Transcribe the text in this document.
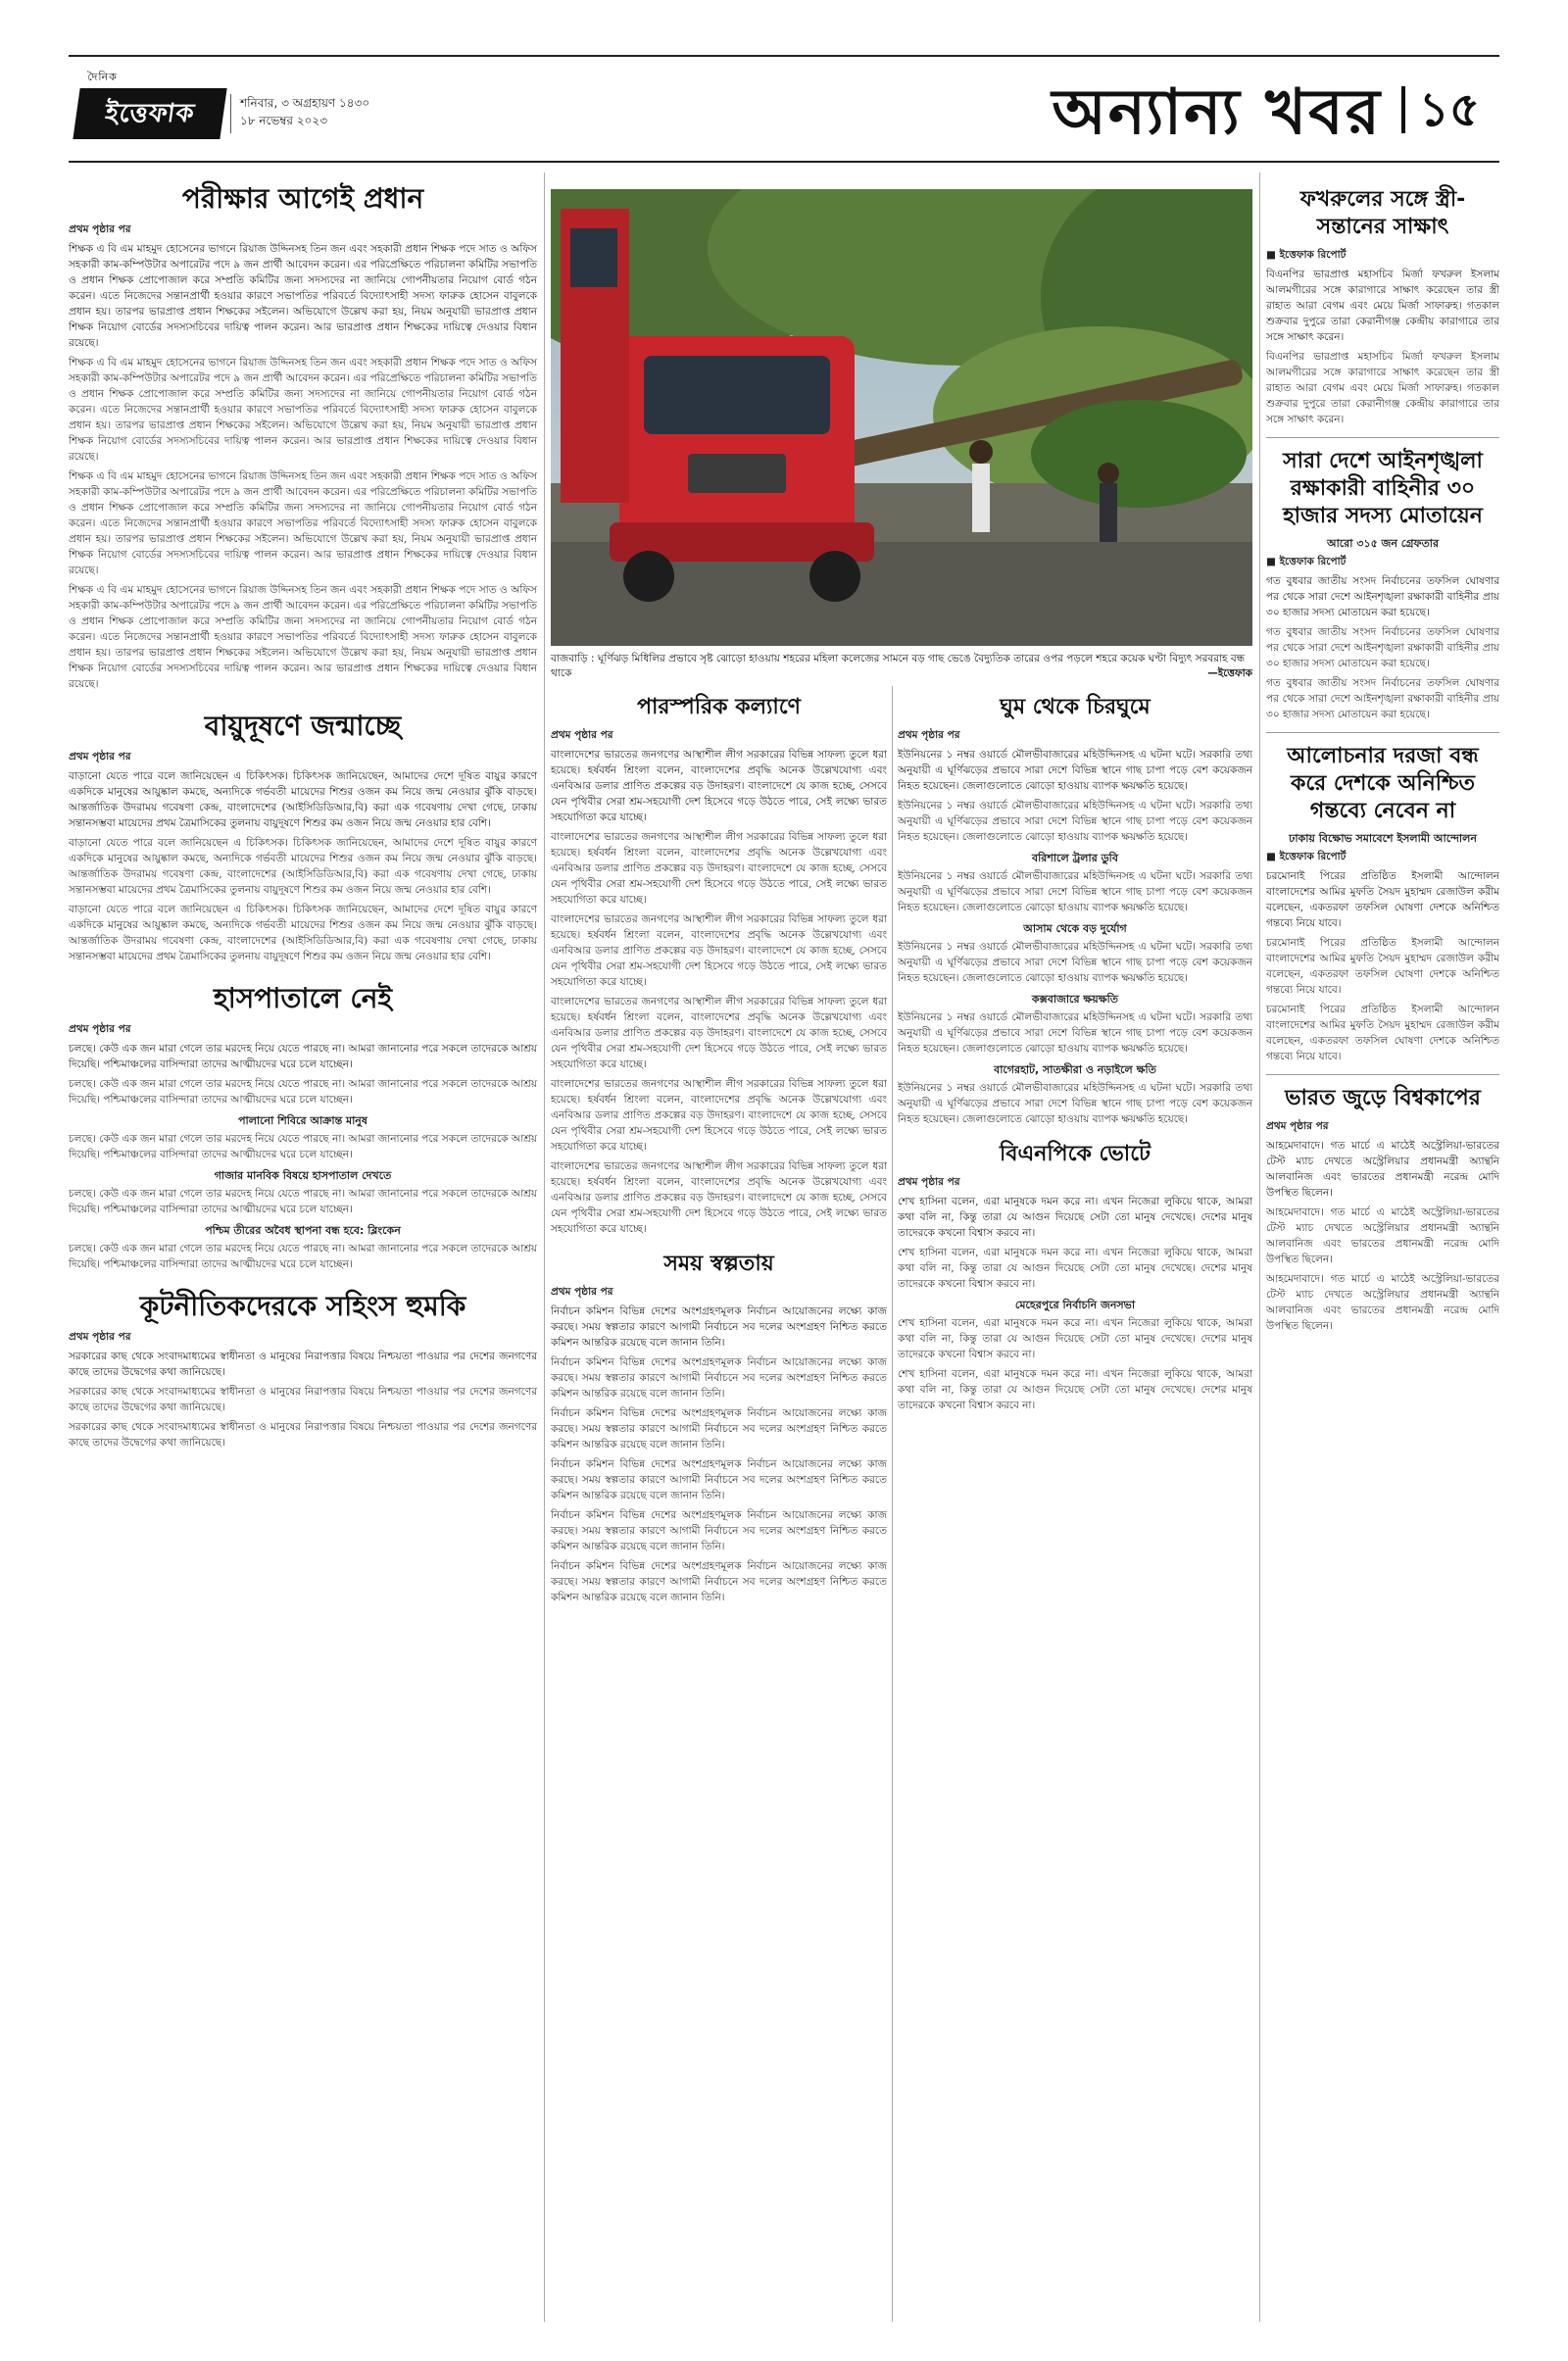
দৈনিক
ইত্তেফাক	শনিবার, ৩ অগ্রহায়ণ ১৪৩০
১৮ নভেম্বর ২০২৩	অন্যান্য খবর ১৫
পরীক্ষার আগেই প্রধান
প্রথম পৃষ্ঠার পর

শিক্ষক এ বি এম মাহমুদ হোসেনের ভাগনে রিয়াজ উদ্দিনসহ তিন জন এবং সহকারী প্রধান শিক্ষক পদে সাত ও অফিস সহকারী কাম-কম্পিউটার অপারেটর পদে ৯ জন প্রার্থী আবেদন করেন। এর পরিপ্রেক্ষিতে পরিচালনা কমিটির সভাপতি ও প্রধান শিক্ষক প্রোপোজাল করে সম্প্রতি কমিটির জন্য সদস্যদের না জানিয়ে গোপনীয়তার নিয়োগ বোর্ড গঠন করেন। এতে নিজেদের সন্তানপ্রার্থী হওয়ার কারণে সভাপতির পরিবর্তে বিদ্যোৎসাহী সদস্য ফারুক হোসেন বাবুলকে প্রধান হয়। তারপর ভারপ্রাপ্ত প্রধান শিক্ষকের সইলেন। অভিযোগে উল্লেখ করা হয়, নিয়ম অনুযায়ী ভারপ্রাপ্ত প্রধান শিক্ষক নিয়োগ বোর্ডের সদস্যসচিবের দায়িত্ব পালন করেন। আর ভারপ্রাপ্ত প্রধান শিক্ষকের দায়িত্বে দেওয়ার বিধান রয়েছে।

শিক্ষক এ বি এম মাহমুদ হোসেনের ভাগনে রিয়াজ উদ্দিনসহ তিন জন এবং সহকারী প্রধান শিক্ষক পদে সাত ও অফিস সহকারী কাম-কম্পিউটার অপারেটর পদে ৯ জন প্রার্থী আবেদন করেন। এর পরিপ্রেক্ষিতে পরিচালনা কমিটির সভাপতি ও প্রধান শিক্ষক প্রোপোজাল করে সম্প্রতি কমিটির জন্য সদস্যদের না জানিয়ে গোপনীয়তার নিয়োগ বোর্ড গঠন করেন। এতে নিজেদের সন্তানপ্রার্থী হওয়ার কারণে সভাপতির পরিবর্তে বিদ্যোৎসাহী সদস্য ফারুক হোসেন বাবুলকে প্রধান হয়। তারপর ভারপ্রাপ্ত প্রধান শিক্ষকের সইলেন। অভিযোগে উল্লেখ করা হয়, নিয়ম অনুযায়ী ভারপ্রাপ্ত প্রধান শিক্ষক নিয়োগ বোর্ডের সদস্যসচিবের দায়িত্ব পালন করেন। আর ভারপ্রাপ্ত প্রধান শিক্ষকের দায়িত্বে দেওয়ার বিধান রয়েছে।

শিক্ষক এ বি এম মাহমুদ হোসেনের ভাগনে রিয়াজ উদ্দিনসহ তিন জন এবং সহকারী প্রধান শিক্ষক পদে সাত ও অফিস সহকারী কাম-কম্পিউটার অপারেটর পদে ৯ জন প্রার্থী আবেদন করেন। এর পরিপ্রেক্ষিতে পরিচালনা কমিটির সভাপতি ও প্রধান শিক্ষক প্রোপোজাল করে সম্প্রতি কমিটির জন্য সদস্যদের না জানিয়ে গোপনীয়তার নিয়োগ বোর্ড গঠন করেন। এতে নিজেদের সন্তানপ্রার্থী হওয়ার কারণে সভাপতির পরিবর্তে বিদ্যোৎসাহী সদস্য ফারুক হোসেন বাবুলকে প্রধান হয়। তারপর ভারপ্রাপ্ত প্রধান শিক্ষকের সইলেন। অভিযোগে উল্লেখ করা হয়, নিয়ম অনুযায়ী ভারপ্রাপ্ত প্রধান শিক্ষক নিয়োগ বোর্ডের সদস্যসচিবের দায়িত্ব পালন করেন। আর ভারপ্রাপ্ত প্রধান শিক্ষকের দায়িত্বে দেওয়ার বিধান রয়েছে।

শিক্ষক এ বি এম মাহমুদ হোসেনের ভাগনে রিয়াজ উদ্দিনসহ তিন জন এবং সহকারী প্রধান শিক্ষক পদে সাত ও অফিস সহকারী কাম-কম্পিউটার অপারেটর পদে ৯ জন প্রার্থী আবেদন করেন। এর পরিপ্রেক্ষিতে পরিচালনা কমিটির সভাপতি ও প্রধান শিক্ষক প্রোপোজাল করে সম্প্রতি কমিটির জন্য সদস্যদের না জানিয়ে গোপনীয়তার নিয়োগ বোর্ড গঠন করেন। এতে নিজেদের সন্তানপ্রার্থী হওয়ার কারণে সভাপতির পরিবর্তে বিদ্যোৎসাহী সদস্য ফারুক হোসেন বাবুলকে প্রধান হয়। তারপর ভারপ্রাপ্ত প্রধান শিক্ষকের সইলেন। অভিযোগে উল্লেখ করা হয়, নিয়ম অনুযায়ী ভারপ্রাপ্ত প্রধান শিক্ষক নিয়োগ বোর্ডের সদস্যসচিবের দায়িত্ব পালন করেন। আর ভারপ্রাপ্ত প্রধান শিক্ষকের দায়িত্বে দেওয়ার বিধান রয়েছে।

বায়ুদূষণে জন্মাচ্ছে
প্রথম পৃষ্ঠার পর

বাড়ানো যেতে পারে বলে জানিয়েছেন এ চিকিৎসক। চিকিৎসক জানিয়েছেন, আমাদের দেশে দূষিত বায়ুর কারণে একদিকে মানুষের আয়ুষ্কাল কমছে, অন্যদিকে গর্ভবতী মায়েদের শিশুর ওজন কম নিয়ে জন্ম নেওয়ার ঝুঁকি বাড়ছে। আন্তর্জাতিক উদরাময় গবেষণা কেন্দ্র, বাংলাদেশের (আইসিডিডিআর,বি) করা এক গবেষণায় দেখা গেছে, ঢাকায় সন্তানসম্ভবা মায়েদের প্রথম ত্রৈমাসিকের তুলনায় বায়ুদূষণে শিশুর কম ওজন নিয়ে জন্ম নেওয়ার হার বেশি।

বাড়ানো যেতে পারে বলে জানিয়েছেন এ চিকিৎসক। চিকিৎসক জানিয়েছেন, আমাদের দেশে দূষিত বায়ুর কারণে একদিকে মানুষের আয়ুষ্কাল কমছে, অন্যদিকে গর্ভবতী মায়েদের শিশুর ওজন কম নিয়ে জন্ম নেওয়ার ঝুঁকি বাড়ছে। আন্তর্জাতিক উদরাময় গবেষণা কেন্দ্র, বাংলাদেশের (আইসিডিডিআর,বি) করা এক গবেষণায় দেখা গেছে, ঢাকায় সন্তানসম্ভবা মায়েদের প্রথম ত্রৈমাসিকের তুলনায় বায়ুদূষণে শিশুর কম ওজন নিয়ে জন্ম নেওয়ার হার বেশি।

বাড়ানো যেতে পারে বলে জানিয়েছেন এ চিকিৎসক। চিকিৎসক জানিয়েছেন, আমাদের দেশে দূষিত বায়ুর কারণে একদিকে মানুষের আয়ুষ্কাল কমছে, অন্যদিকে গর্ভবতী মায়েদের শিশুর ওজন কম নিয়ে জন্ম নেওয়ার ঝুঁকি বাড়ছে। আন্তর্জাতিক উদরাময় গবেষণা কেন্দ্র, বাংলাদেশের (আইসিডিডিআর,বি) করা এক গবেষণায় দেখা গেছে, ঢাকায় সন্তানসম্ভবা মায়েদের প্রথম ত্রৈমাসিকের তুলনায় বায়ুদূষণে শিশুর কম ওজন নিয়ে জন্ম নেওয়ার হার বেশি।

হাসপাতালে নেই
প্রথম পৃষ্ঠার পর

চলছে। কেউ এক জন মারা গেলে তার মরদেহ নিয়ে যেতে পারছে না। আমরা জানানোর পরে সকলে তাদেরকে আশ্রয় দিয়েছি। পশ্চিমাঞ্চলের বাসিন্দারা তাদের আত্মীয়দের ঘরে চলে যাচ্ছেন।

চলছে। কেউ এক জন মারা গেলে তার মরদেহ নিয়ে যেতে পারছে না। আমরা জানানোর পরে সকলে তাদেরকে আশ্রয় দিয়েছি। পশ্চিমাঞ্চলের বাসিন্দারা তাদের আত্মীয়দের ঘরে চলে যাচ্ছেন।

পালানো শিবিরে আক্রান্ত মানুষ

চলছে। কেউ এক জন মারা গেলে তার মরদেহ নিয়ে যেতে পারছে না। আমরা জানানোর পরে সকলে তাদেরকে আশ্রয় দিয়েছি। পশ্চিমাঞ্চলের বাসিন্দারা তাদের আত্মীয়দের ঘরে চলে যাচ্ছেন।

গাজার মানবিক বিষয়ে হাসপাতাল দেখতে

চলছে। কেউ এক জন মারা গেলে তার মরদেহ নিয়ে যেতে পারছে না। আমরা জানানোর পরে সকলে তাদেরকে আশ্রয় দিয়েছি। পশ্চিমাঞ্চলের বাসিন্দারা তাদের আত্মীয়দের ঘরে চলে যাচ্ছেন।

পশ্চিম তীরের অবৈধ স্থাপনা বন্ধ হবে: ব্লিংকেন

চলছে। কেউ এক জন মারা গেলে তার মরদেহ নিয়ে যেতে পারছে না। আমরা জানানোর পরে সকলে তাদেরকে আশ্রয় দিয়েছি। পশ্চিমাঞ্চলের বাসিন্দারা তাদের আত্মীয়দের ঘরে চলে যাচ্ছেন।

কূটনীতিকদেরকে সহিংস হুমকি
প্রথম পৃষ্ঠার পর

সরকারের কাছ থেকে সংবাদমাধ্যমের স্বাধীনতা ও মানুষের নিরাপত্তার বিষয়ে নিশ্চয়তা পাওয়ার পর দেশের জনগণের কাছে তাদের উদ্বেগের কথা জানিয়েছে।

সরকারের কাছ থেকে সংবাদমাধ্যমের স্বাধীনতা ও মানুষের নিরাপত্তার বিষয়ে নিশ্চয়তা পাওয়ার পর দেশের জনগণের কাছে তাদের উদ্বেগের কথা জানিয়েছে।

সরকারের কাছ থেকে সংবাদমাধ্যমের স্বাধীনতা ও মানুষের নিরাপত্তার বিষয়ে নিশ্চয়তা পাওয়ার পর দেশের জনগণের কাছে তাদের উদ্বেগের কথা জানিয়েছে।

বাজবাড়ি : ঘূর্ণিঝড় মিধিলির প্রভাবে সৃষ্ট ঝোড়ো হাওয়ায় শহরের মহিলা কলেজের সামনে বড় গাছ ভেঙে বৈদ্যুতিক তারের ওপর পড়লে শহরে কয়েক ঘণ্টা বিদ্যুৎ সরবরাহ বন্ধ থাকে	—ইত্তেফাক
পারস্পরিক কল্যাণে
প্রথম পৃষ্ঠার পর

বাংলাদেশের ভারতের জনগণের আস্থাশীল লীগ সরকারের বিভিন্ন সাফল্য তুলে ধরা হয়েছে। হর্ষবর্ধন শ্রিংলা বলেন, বাংলাদেশের প্রবৃদ্ধি অনেক উল্লেখযোগ্য এবং এনবিআর ডলার প্রাণিত প্রকল্পের বড় উদাহরণ। বাংলাদেশে যে কাজ হচ্ছে, সেসবে যেন পৃথিবীর সেরা শ্রম-সহযোগী দেশ হিসেবে গড়ে উঠতে পারে, সেই লক্ষ্যে ভারত সহযোগিতা করে যাচ্ছে।

বাংলাদেশের ভারতের জনগণের আস্থাশীল লীগ সরকারের বিভিন্ন সাফল্য তুলে ধরা হয়েছে। হর্ষবর্ধন শ্রিংলা বলেন, বাংলাদেশের প্রবৃদ্ধি অনেক উল্লেখযোগ্য এবং এনবিআর ডলার প্রাণিত প্রকল্পের বড় উদাহরণ। বাংলাদেশে যে কাজ হচ্ছে, সেসবে যেন পৃথিবীর সেরা শ্রম-সহযোগী দেশ হিসেবে গড়ে উঠতে পারে, সেই লক্ষ্যে ভারত সহযোগিতা করে যাচ্ছে।

বাংলাদেশের ভারতের জনগণের আস্থাশীল লীগ সরকারের বিভিন্ন সাফল্য তুলে ধরা হয়েছে। হর্ষবর্ধন শ্রিংলা বলেন, বাংলাদেশের প্রবৃদ্ধি অনেক উল্লেখযোগ্য এবং এনবিআর ডলার প্রাণিত প্রকল্পের বড় উদাহরণ। বাংলাদেশে যে কাজ হচ্ছে, সেসবে যেন পৃথিবীর সেরা শ্রম-সহযোগী দেশ হিসেবে গড়ে উঠতে পারে, সেই লক্ষ্যে ভারত সহযোগিতা করে যাচ্ছে।

বাংলাদেশের ভারতের জনগণের আস্থাশীল লীগ সরকারের বিভিন্ন সাফল্য তুলে ধরা হয়েছে। হর্ষবর্ধন শ্রিংলা বলেন, বাংলাদেশের প্রবৃদ্ধি অনেক উল্লেখযোগ্য এবং এনবিআর ডলার প্রাণিত প্রকল্পের বড় উদাহরণ। বাংলাদেশে যে কাজ হচ্ছে, সেসবে যেন পৃথিবীর সেরা শ্রম-সহযোগী দেশ হিসেবে গড়ে উঠতে পারে, সেই লক্ষ্যে ভারত সহযোগিতা করে যাচ্ছে।

বাংলাদেশের ভারতের জনগণের আস্থাশীল লীগ সরকারের বিভিন্ন সাফল্য তুলে ধরা হয়েছে। হর্ষবর্ধন শ্রিংলা বলেন, বাংলাদেশের প্রবৃদ্ধি অনেক উল্লেখযোগ্য এবং এনবিআর ডলার প্রাণিত প্রকল্পের বড় উদাহরণ। বাংলাদেশে যে কাজ হচ্ছে, সেসবে যেন পৃথিবীর সেরা শ্রম-সহযোগী দেশ হিসেবে গড়ে উঠতে পারে, সেই লক্ষ্যে ভারত সহযোগিতা করে যাচ্ছে।

বাংলাদেশের ভারতের জনগণের আস্থাশীল লীগ সরকারের বিভিন্ন সাফল্য তুলে ধরা হয়েছে। হর্ষবর্ধন শ্রিংলা বলেন, বাংলাদেশের প্রবৃদ্ধি অনেক উল্লেখযোগ্য এবং এনবিআর ডলার প্রাণিত প্রকল্পের বড় উদাহরণ। বাংলাদেশে যে কাজ হচ্ছে, সেসবে যেন পৃথিবীর সেরা শ্রম-সহযোগী দেশ হিসেবে গড়ে উঠতে পারে, সেই লক্ষ্যে ভারত সহযোগিতা করে যাচ্ছে।

সময় স্বল্পতায়
প্রথম পৃষ্ঠার পর

নির্বাচন কমিশন বিভিন্ন দেশের অংশগ্রহণমূলক নির্বাচন আয়োজনের লক্ষ্যে কাজ করছে। সময় স্বল্পতার কারণে আগামী নির্বাচনে সব দলের অংশগ্রহণ নিশ্চিত করতে কমিশন আন্তরিক রয়েছে বলে জানান তিনি।

নির্বাচন কমিশন বিভিন্ন দেশের অংশগ্রহণমূলক নির্বাচন আয়োজনের লক্ষ্যে কাজ করছে। সময় স্বল্পতার কারণে আগামী নির্বাচনে সব দলের অংশগ্রহণ নিশ্চিত করতে কমিশন আন্তরিক রয়েছে বলে জানান তিনি।

নির্বাচন কমিশন বিভিন্ন দেশের অংশগ্রহণমূলক নির্বাচন আয়োজনের লক্ষ্যে কাজ করছে। সময় স্বল্পতার কারণে আগামী নির্বাচনে সব দলের অংশগ্রহণ নিশ্চিত করতে কমিশন আন্তরিক রয়েছে বলে জানান তিনি।

নির্বাচন কমিশন বিভিন্ন দেশের অংশগ্রহণমূলক নির্বাচন আয়োজনের লক্ষ্যে কাজ করছে। সময় স্বল্পতার কারণে আগামী নির্বাচনে সব দলের অংশগ্রহণ নিশ্চিত করতে কমিশন আন্তরিক রয়েছে বলে জানান তিনি।

নির্বাচন কমিশন বিভিন্ন দেশের অংশগ্রহণমূলক নির্বাচন আয়োজনের লক্ষ্যে কাজ করছে। সময় স্বল্পতার কারণে আগামী নির্বাচনে সব দলের অংশগ্রহণ নিশ্চিত করতে কমিশন আন্তরিক রয়েছে বলে জানান তিনি।

নির্বাচন কমিশন বিভিন্ন দেশের অংশগ্রহণমূলক নির্বাচন আয়োজনের লক্ষ্যে কাজ করছে। সময় স্বল্পতার কারণে আগামী নির্বাচনে সব দলের অংশগ্রহণ নিশ্চিত করতে কমিশন আন্তরিক রয়েছে বলে জানান তিনি।

ঘুম থেকে চিরঘুমে
প্রথম পৃষ্ঠার পর

ইউনিয়নের ১ নম্বর ওয়ার্ডে মৌলভীবাজারের মহিউদ্দিনসহ এ ঘটনা ঘটে। সরকারি তথ্য অনুযায়ী এ ঘূর্ণিঝড়ের প্রভাবে সারা দেশে বিভিন্ন স্থানে গাছ চাপা পড়ে বেশ কয়েকজন নিহত হয়েছেন। জেলাগুলোতে ঝোড়ো হাওয়ায় ব্যাপক ক্ষয়ক্ষতি হয়েছে।

ইউনিয়নের ১ নম্বর ওয়ার্ডে মৌলভীবাজারের মহিউদ্দিনসহ এ ঘটনা ঘটে। সরকারি তথ্য অনুযায়ী এ ঘূর্ণিঝড়ের প্রভাবে সারা দেশে বিভিন্ন স্থানে গাছ চাপা পড়ে বেশ কয়েকজন নিহত হয়েছেন। জেলাগুলোতে ঝোড়ো হাওয়ায় ব্যাপক ক্ষয়ক্ষতি হয়েছে।

বরিশালে ট্রলার ডুবি

ইউনিয়নের ১ নম্বর ওয়ার্ডে মৌলভীবাজারের মহিউদ্দিনসহ এ ঘটনা ঘটে। সরকারি তথ্য অনুযায়ী এ ঘূর্ণিঝড়ের প্রভাবে সারা দেশে বিভিন্ন স্থানে গাছ চাপা পড়ে বেশ কয়েকজন নিহত হয়েছেন। জেলাগুলোতে ঝোড়ো হাওয়ায় ব্যাপক ক্ষয়ক্ষতি হয়েছে।

আসাম থেকে বড় দুর্যোগ

ইউনিয়নের ১ নম্বর ওয়ার্ডে মৌলভীবাজারের মহিউদ্দিনসহ এ ঘটনা ঘটে। সরকারি তথ্য অনুযায়ী এ ঘূর্ণিঝড়ের প্রভাবে সারা দেশে বিভিন্ন স্থানে গাছ চাপা পড়ে বেশ কয়েকজন নিহত হয়েছেন। জেলাগুলোতে ঝোড়ো হাওয়ায় ব্যাপক ক্ষয়ক্ষতি হয়েছে।

কক্সবাজারে ক্ষয়ক্ষতি

ইউনিয়নের ১ নম্বর ওয়ার্ডে মৌলভীবাজারের মহিউদ্দিনসহ এ ঘটনা ঘটে। সরকারি তথ্য অনুযায়ী এ ঘূর্ণিঝড়ের প্রভাবে সারা দেশে বিভিন্ন স্থানে গাছ চাপা পড়ে বেশ কয়েকজন নিহত হয়েছেন। জেলাগুলোতে ঝোড়ো হাওয়ায় ব্যাপক ক্ষয়ক্ষতি হয়েছে।

বাগেরহাট, সাতক্ষীরা ও নড়াইলে ক্ষতি

ইউনিয়নের ১ নম্বর ওয়ার্ডে মৌলভীবাজারের মহিউদ্দিনসহ এ ঘটনা ঘটে। সরকারি তথ্য অনুযায়ী এ ঘূর্ণিঝড়ের প্রভাবে সারা দেশে বিভিন্ন স্থানে গাছ চাপা পড়ে বেশ কয়েকজন নিহত হয়েছেন। জেলাগুলোতে ঝোড়ো হাওয়ায় ব্যাপক ক্ষয়ক্ষতি হয়েছে।

বিএনপিকে ভোটে
প্রথম পৃষ্ঠার পর

শেখ হাসিনা বলেন, এরা মানুষকে দমন করে না। এখন নিজেরা লুকিয়ে থাকে, আমরা কথা বলি না, কিন্তু তারা যে আগুন দিয়েছে সেটা তো মানুষ দেখেছে। দেশের মানুষ তাদেরকে কখনো বিশ্বাস করবে না।

শেখ হাসিনা বলেন, এরা মানুষকে দমন করে না। এখন নিজেরা লুকিয়ে থাকে, আমরা কথা বলি না, কিন্তু তারা যে আগুন দিয়েছে সেটা তো মানুষ দেখেছে। দেশের মানুষ তাদেরকে কখনো বিশ্বাস করবে না।

মেহেরপুরে নির্বাচনি জনসভা

শেখ হাসিনা বলেন, এরা মানুষকে দমন করে না। এখন নিজেরা লুকিয়ে থাকে, আমরা কথা বলি না, কিন্তু তারা যে আগুন দিয়েছে সেটা তো মানুষ দেখেছে। দেশের মানুষ তাদেরকে কখনো বিশ্বাস করবে না।

শেখ হাসিনা বলেন, এরা মানুষকে দমন করে না। এখন নিজেরা লুকিয়ে থাকে, আমরা কথা বলি না, কিন্তু তারা যে আগুন দিয়েছে সেটা তো মানুষ দেখেছে। দেশের মানুষ তাদেরকে কখনো বিশ্বাস করবে না।

ফখরুলের সঙ্গে স্ত্রী-সন্তানের সাক্ষাৎ
■ ইত্তেফাক রিপোর্ট

বিএনপির ভারপ্রাপ্ত মহাসচিব মির্জা ফখরুল ইসলাম আলমগীরের সঙ্গে কারাগারে সাক্ষাৎ করেছেন তার স্ত্রী রাহাত আরা বেগম এবং মেয়ে মির্জা সাফারুহ। গতকাল শুক্রবার দুপুরে তারা কেরানীগঞ্জ কেন্দ্রীয় কারাগারে তার সঙ্গে সাক্ষাৎ করেন।

বিএনপির ভারপ্রাপ্ত মহাসচিব মির্জা ফখরুল ইসলাম আলমগীরের সঙ্গে কারাগারে সাক্ষাৎ করেছেন তার স্ত্রী রাহাত আরা বেগম এবং মেয়ে মির্জা সাফারুহ। গতকাল শুক্রবার দুপুরে তারা কেরানীগঞ্জ কেন্দ্রীয় কারাগারে তার সঙ্গে সাক্ষাৎ করেন।

সারা দেশে আইনশৃঙ্খলা রক্ষাকারী বাহিনীর ৩০ হাজার সদস্য মোতায়েন
আরো ৩১৫ জন গ্রেফতার
■ ইত্তেফাক রিপোর্ট

গত বুধবার জাতীয় সংসদ নির্বাচনের তফসিল ঘোষণার পর থেকে সারা দেশে আইনশৃঙ্খলা রক্ষাকারী বাহিনীর প্রায় ৩০ হাজার সদস্য মোতায়েন করা হয়েছে।

গত বুধবার জাতীয় সংসদ নির্বাচনের তফসিল ঘোষণার পর থেকে সারা দেশে আইনশৃঙ্খলা রক্ষাকারী বাহিনীর প্রায় ৩০ হাজার সদস্য মোতায়েন করা হয়েছে।

গত বুধবার জাতীয় সংসদ নির্বাচনের তফসিল ঘোষণার পর থেকে সারা দেশে আইনশৃঙ্খলা রক্ষাকারী বাহিনীর প্রায় ৩০ হাজার সদস্য মোতায়েন করা হয়েছে।

আলোচনার দরজা বন্ধ করে দেশকে অনিশ্চিত গন্তব্যে নেবেন না
ঢাকায় বিক্ষোভ সমাবেশে ইসলামী আন্দোলন
■ ইত্তেফাক রিপোর্ট

চরমোনাই পিরের প্রতিষ্ঠিত ইসলামী আন্দোলন বাংলাদেশের আমির মুফতি সৈয়দ মুহাম্মদ রেজাউল করীম বলেছেন, একতরফা তফসিল ঘোষণা দেশকে অনিশ্চিত গন্তব্যে নিয়ে যাবে।

চরমোনাই পিরের প্রতিষ্ঠিত ইসলামী আন্দোলন বাংলাদেশের আমির মুফতি সৈয়দ মুহাম্মদ রেজাউল করীম বলেছেন, একতরফা তফসিল ঘোষণা দেশকে অনিশ্চিত গন্তব্যে নিয়ে যাবে।

চরমোনাই পিরের প্রতিষ্ঠিত ইসলামী আন্দোলন বাংলাদেশের আমির মুফতি সৈয়দ মুহাম্মদ রেজাউল করীম বলেছেন, একতরফা তফসিল ঘোষণা দেশকে অনিশ্চিত গন্তব্যে নিয়ে যাবে।

ভারত জুড়ে বিশ্বকাপের
প্রথম পৃষ্ঠার পর

আহমেদাবাদে। গত মার্চে এ মাঠেই অস্ট্রেলিয়া-ভারতের টেস্ট ম্যাচ দেখতে অস্ট্রেলিয়ার প্রধানমন্ত্রী অ্যান্থনি আলবানিজ এবং ভারতের প্রধানমন্ত্রী নরেন্দ্র মোদি উপস্থিত ছিলেন।

আহমেদাবাদে। গত মার্চে এ মাঠেই অস্ট্রেলিয়া-ভারতের টেস্ট ম্যাচ দেখতে অস্ট্রেলিয়ার প্রধানমন্ত্রী অ্যান্থনি আলবানিজ এবং ভারতের প্রধানমন্ত্রী নরেন্দ্র মোদি উপস্থিত ছিলেন।

আহমেদাবাদে। গত মার্চে এ মাঠেই অস্ট্রেলিয়া-ভারতের টেস্ট ম্যাচ দেখতে অস্ট্রেলিয়ার প্রধানমন্ত্রী অ্যান্থনি আলবানিজ এবং ভারতের প্রধানমন্ত্রী নরেন্দ্র মোদি উপস্থিত ছিলেন।
